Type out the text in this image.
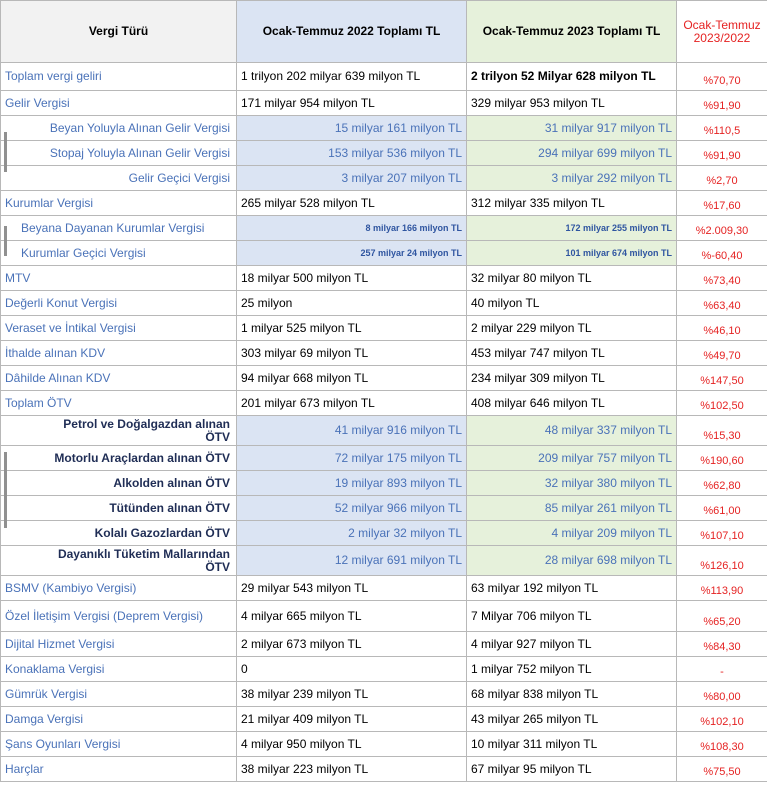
Vergi Türü	Ocak-Temmuz 2022 Toplamı TL	Ocak-Temmuz 2023 Toplamı TL	Ocak-Temmuz 2023/2022
Toplam vergi geliri	1 trilyon 202 milyar 639 milyon TL	2 trilyon 52 Milyar 628 milyon TL	%70,70
Gelir Vergisi	171 milyar 954 milyon TL	329 milyar 953 milyon TL	%91,90
Beyan Yoluyla Alınan Gelir Vergisi	15 milyar 161 milyon TL	31 milyar 917 milyon TL	%110,5
Stopaj Yoluyla Alınan Gelir Vergisi	153 milyar 536 milyon TL	294 milyar 699 milyon TL	%91,90
Gelir Geçici Vergisi	3 milyar 207 milyon TL	3 milyar 292 milyon TL	%2,70
Kurumlar Vergisi	265 milyar 528 milyon TL	312 milyar 335 milyon TL	%17,60
Beyana Dayanan Kurumlar Vergisi	8 milyar 166 milyon TL	172 milyar 255 milyon TL	%2.009,30
Kurumlar Geçici Vergisi	257 milyar 24 milyon TL	101 milyar 674 milyon TL	%-60,40
MTV	18 milyar 500 milyon TL	32 milyar 80 milyon TL	%73,40
Değerli Konut Vergisi	25 milyon	40 milyon TL	%63,40
Veraset ve İntikal Vergisi	1 milyar 525 milyon TL	2 milyar 229 milyon TL	%46,10
İthalde alınan KDV	303 milyar 69 milyon TL	453 milyar 747 milyon TL	%49,70
Dâhilde Alınan KDV	94 milyar 668 milyon TL	234 milyar 309 milyon TL	%147,50
Toplam ÖTV	201 milyar 673 milyon TL	408 milyar 646 milyon TL	%102,50
Petrol ve Doğalgazdan alınan ÖTV	41 milyar 916 milyon TL	48 milyar 337 milyon TL	%15,30
Motorlu Araçlardan alınan ÖTV	72 milyar 175 milyon TL	209 milyar 757 milyon TL	%190,60
Alkolden alınan ÖTV	19 milyar 893 milyon TL	32 milyar 380 milyon TL	%62,80
Tütünden alınan ÖTV	52 milyar 966 milyon TL	85 milyar 261 milyon TL	%61,00
Kolalı Gazozlardan ÖTV	2 milyar 32 milyon TL	4 milyar 209 milyon TL	%107,10
Dayanıklı Tüketim Mallarından ÖTV	12 milyar 691 milyon TL	28 milyar 698 milyon TL	%126,10
BSMV (Kambiyo Vergisi)	29 milyar 543 milyon TL	63 milyar 192 milyon TL	%113,90
Özel İletişim Vergisi (Deprem Vergisi)	4 milyar 665 milyon TL	7 Milyar 706 milyon TL	%65,20
Dijital Hizmet Vergisi	2 milyar 673 milyon TL	4 milyar 927 milyon TL	%84,30
Konaklama Vergisi	0	1 milyar 752 milyon TL	-
Gümrük Vergisi	38 milyar 239 milyon TL	68 milyar 838 milyon TL	%80,00
Damga Vergisi	21 milyar 409 milyon TL	43 milyar 265 milyon TL	%102,10
Şans Oyunları Vergisi	4 milyar 950 milyon TL	10 milyar 311 milyon TL	%108,30
Harçlar	38 milyar 223 milyon TL	67 milyar 95 milyon TL	%75,50
